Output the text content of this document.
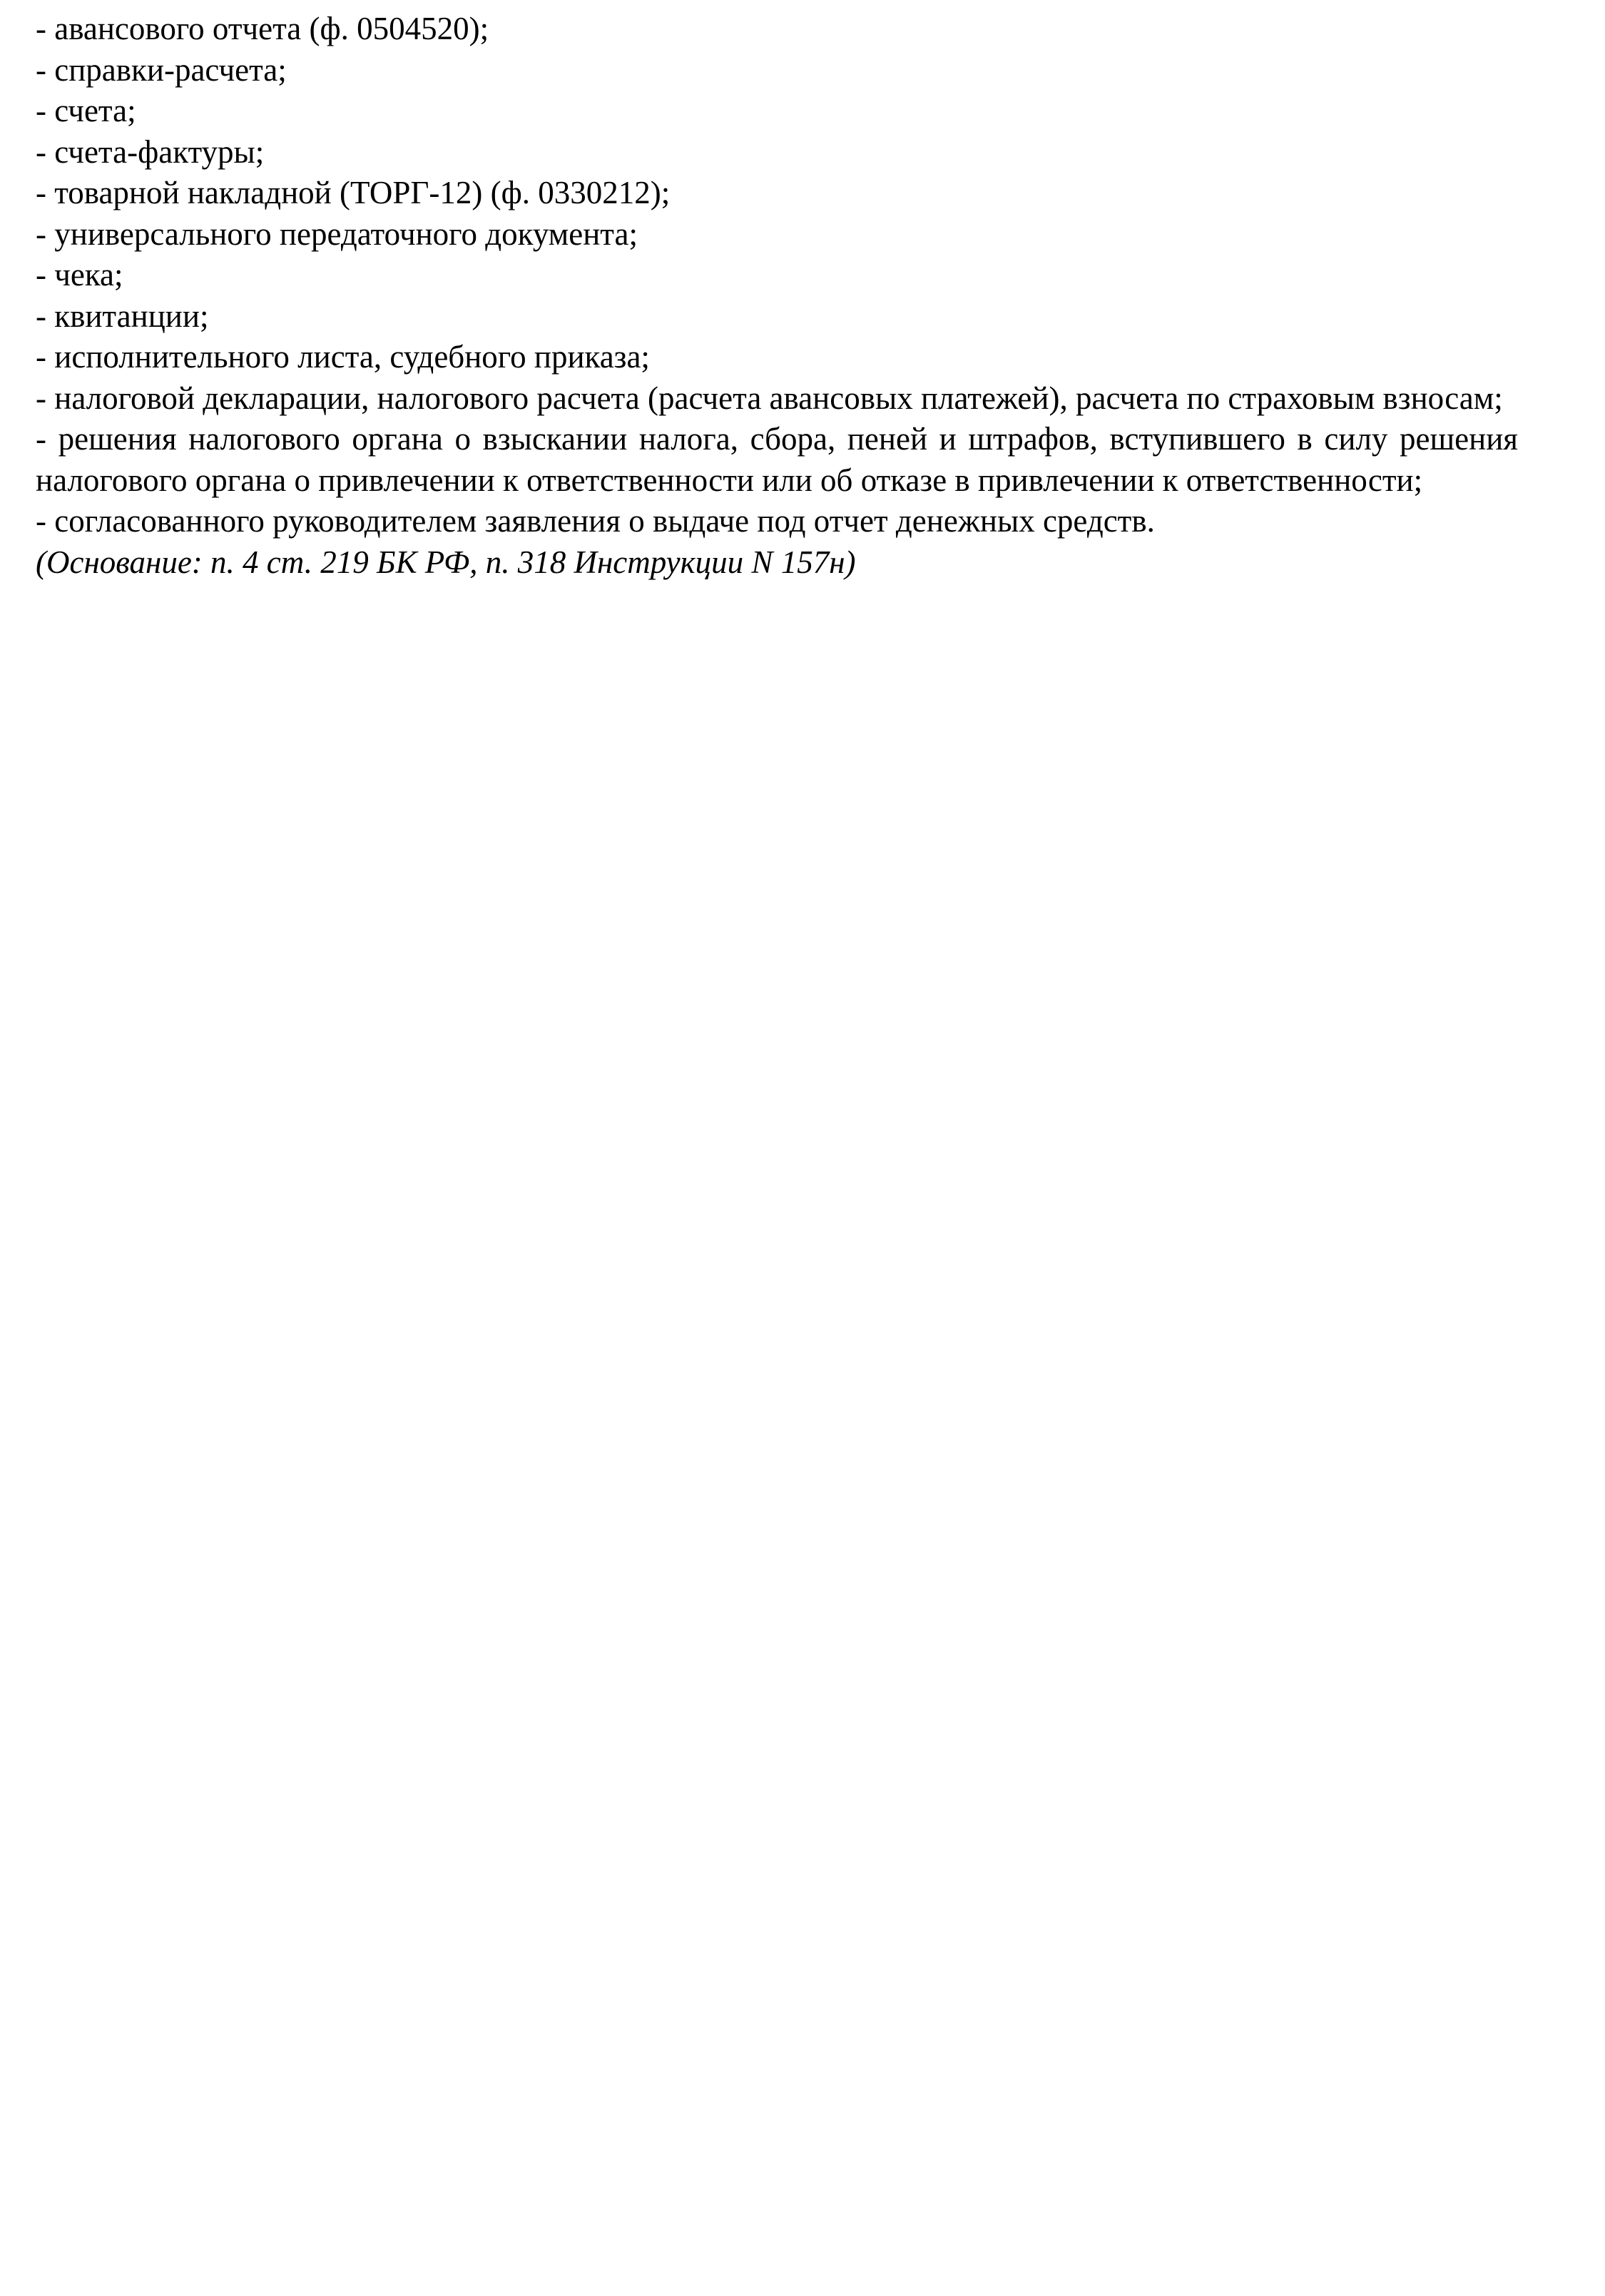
- авансового отчета (ф. 0504520);

- справки-расчета;

- счета;

- счета-фактуры;

- товарной накладной (ТОРГ-12) (ф. 0330212);

- универсального передаточного документа;

- чека;

- квитанции;

- исполнительного листа, судебного приказа;

- налоговой декларации, налогового расчета (расчета авансовых платежей), расчета по страховым взносам;

- решения налогового органа о взыскании налога, сбора, пеней и штрафов, вступившего в силу решения налогового органа о привлечении к ответственности или об отказе в привлечении к ответственности;

- согласованного руководителем заявления о выдаче под отчет денежных средств.

(Основание: п. 4 ст. 219 БК РФ, п. 318 Инструкции N 157н)
